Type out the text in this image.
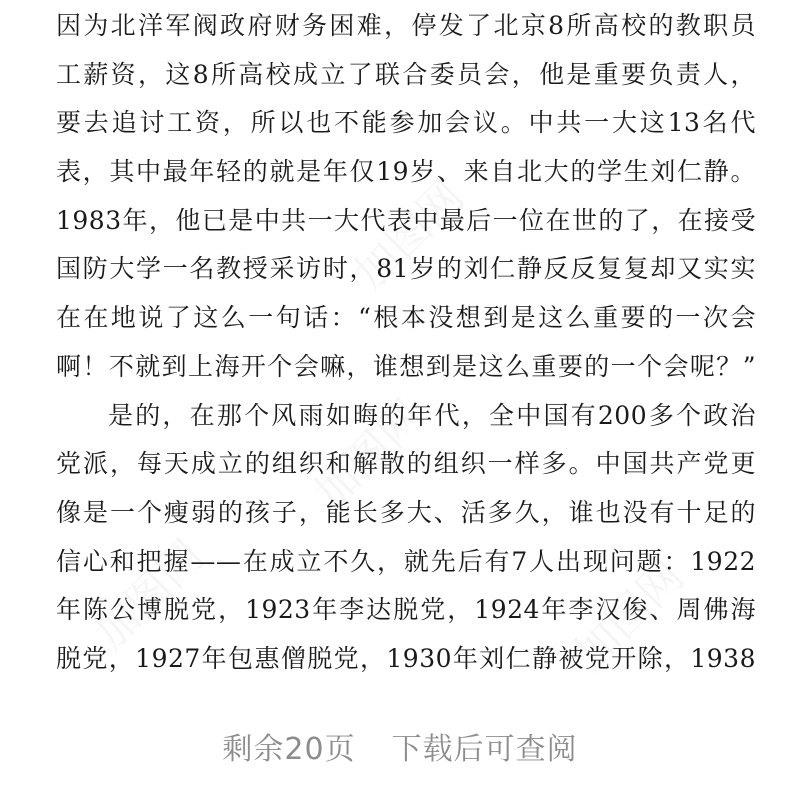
加图网
加图网	加图网
加图网
因为北洋军阀政府财务困难，停发了北京8所高校的教职员
工薪资，这8所高校成立了联合委员会，他是重要负责人，
要去追讨工资，所以也不能参加会议。中共一大这13名代
表，其中最年轻的就是年仅19岁、来自北大的学生刘仁静。
1983年，他已是中共一大代表中最后一位在世的了，在接受
国防大学一名教授采访时，81岁的刘仁静反反复复却又实实
在在地说了这么一句话：“根本没想到是这么重要的一次会
啊！不就到上海开个会嘛，谁想到是这么重要的一个会呢？”
是的，在那个风雨如晦的年代，全中国有200多个政治
党派，每天成立的组织和解散的组织一样多。中国共产党更
像是一个瘦弱的孩子，能长多大、活多久，谁也没有十足的
信心和把握——在成立不久，就先后有7人出现问题：1922
年陈公博脱党，1923年李达脱党，1924年李汉俊、周佛海
脱党，1927年包惠僧脱党，1930年刘仁静被党开除，1938
剩余20页 下载后可查阅
